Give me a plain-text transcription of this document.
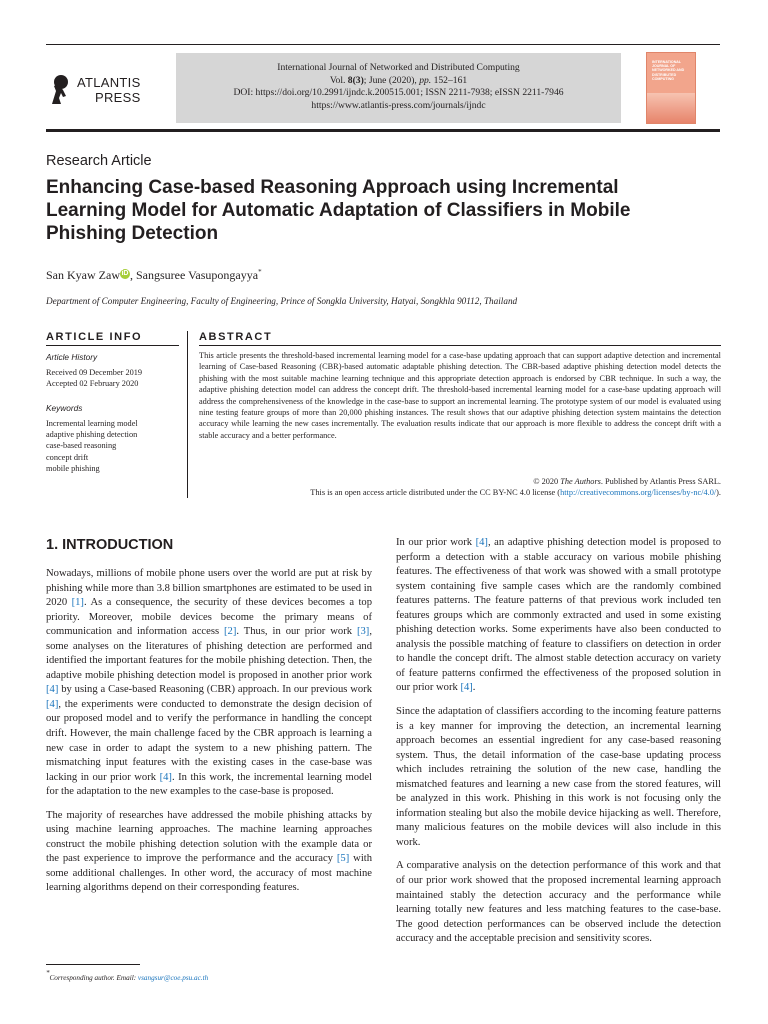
ATLANTIS
PRESS
International Journal of Networked and Distributed Computing
Vol. 8(3); June (2020), pp. 152–161
DOI: https://doi.org/10.2991/ijndc.k.200515.001; ISSN 2211-7938; eISSN 2211-7946
https://www.atlantis-press.com/journals/ijndc
INTERNATIONAL JOURNAL OF NETWORKED AND DISTRIBUTED COMPUTING
Research Article
Enhancing Case-based Reasoning Approach using Incremental Learning Model for Automatic Adaptation of Classifiers in Mobile Phishing Detection
San Kyaw Zaw iD , Sangsuree Vasupongayya*
Department of Computer Engineering, Faculty of Engineering, Prince of Songkla University, Hatyai, Songkhla 90112, Thailand
ARTICLE INFO	ABSTRACT
Article History
Received 09 December 2019
Accepted 02 February 2020
Keywords
Incremental learning model
adaptive phishing detection
case-based reasoning
concept drift
mobile phishing
This article presents the threshold-based incremental learning model for a case-base updating approach that can support adaptive detection and incremental learning of Case-based Reasoning (CBR)-based automatic adaptable phishing detection. The CBR-based adaptive phishing detection model detects the phishing with the most suitable machine learning technique and this appropriate detection approach is endorsed by CBR technique. In such a way, the adaptive phishing detection model can address the concept drift. The threshold-based incremental learning model for a case-base updating approach will address the comprehensiveness of the knowledge in the case-base to support an incremental learning. The prototype system of our model is evaluated using nine testing feature groups of more than 20,000 phishing instances. The result shows that our adaptive phishing detection system maintains the detection accuracy while learning the new cases incrementally. The evaluation results indicate that our approach is more flexible to address the concept drift with a stable accuracy and a better performance.
© 2020 The Authors. Published by Atlantis Press SARL.
This is an open access article distributed under the CC BY-NC 4.0 license (http://creativecommons.org/licenses/by-nc/4.0/).
1. INTRODUCTION

Nowadays, millions of mobile phone users over the world are put at risk by phishing while more than 3.8 billion smartphones are estimated to be used in 2020 [1]. As a consequence, the security of these devices becomes a top priority. Moreover, mobile devices become the primary means of communication and information access [2]. Thus, in our prior work [3], some analyses on the literatures of phishing detection are performed and identified the important features for the mobile phishing detection. Then, the adaptive mobile phishing detection model is proposed in another prior work [4] by using a Case-based Reasoning (CBR) approach. In our previous work [4], the experiments were conducted to demonstrate the design decision of our proposed model and to verify the performance in handling the concept drift. However, the main challenge faced by the CBR approach is learning a new case in order to adapt the system to a new phishing pattern. The mismatching input features with the existing cases in the case-base was lacking in our prior work [4]. In this work, the incremental learning model for the adaptation to the new examples to the case-base is proposed.

The majority of researches have addressed the mobile phishing attacks by using machine learning approaches. The machine learning approaches construct the mobile phishing detection solution with the example data or the past experience to improve the performance and the accuracy [5] with some additional challenges. In other word, the accuracy of most machine learning algorithms depend on their corresponding features.

In our prior work [4], an adaptive phishing detection model is proposed to perform a detection with a stable accuracy on various mobile phishing features. The effectiveness of that work was showed with a small prototype system containing five sample cases which are the randomly combined features patterns. The feature patterns of that previous work included ten features groups which are commonly extracted and used in some existing phishing detection works. Some experiments have also been conducted to analysis the possible matching of feature to classifiers on detection in order to handle the concept drift. The almost stable detection accuracy on variety of feature patterns confirmed the effectiveness of the proposed solution in our prior work [4].

Since the adaptation of classifiers according to the incoming feature patterns is a key manner for improving the detection, an incremental learning approach becomes an essential ingredient for any case-based reasoning system. Thus, the detail information of the case-base updating process which includes retraining the solution of the new case, handling the mismatched features and learning a new case from the stored features, will be analyzed in this work. Phishing in this work is not focusing only the information stealing but also the mobile device hijacking as well. Therefore, many malicious features on the mobile devices will also include in this work.

A comparative analysis on the detection performance of this work and that of our prior work showed that the proposed incremental learning approach maintained stably the detection accuracy and the performance while learning totally new features and less matching features to the case-base. The good detection performances can be observed include the detection accuracy and the acceptable precision and sensitivity scores.

*Corresponding author. Email: vsangsur@coe.psu.ac.th
